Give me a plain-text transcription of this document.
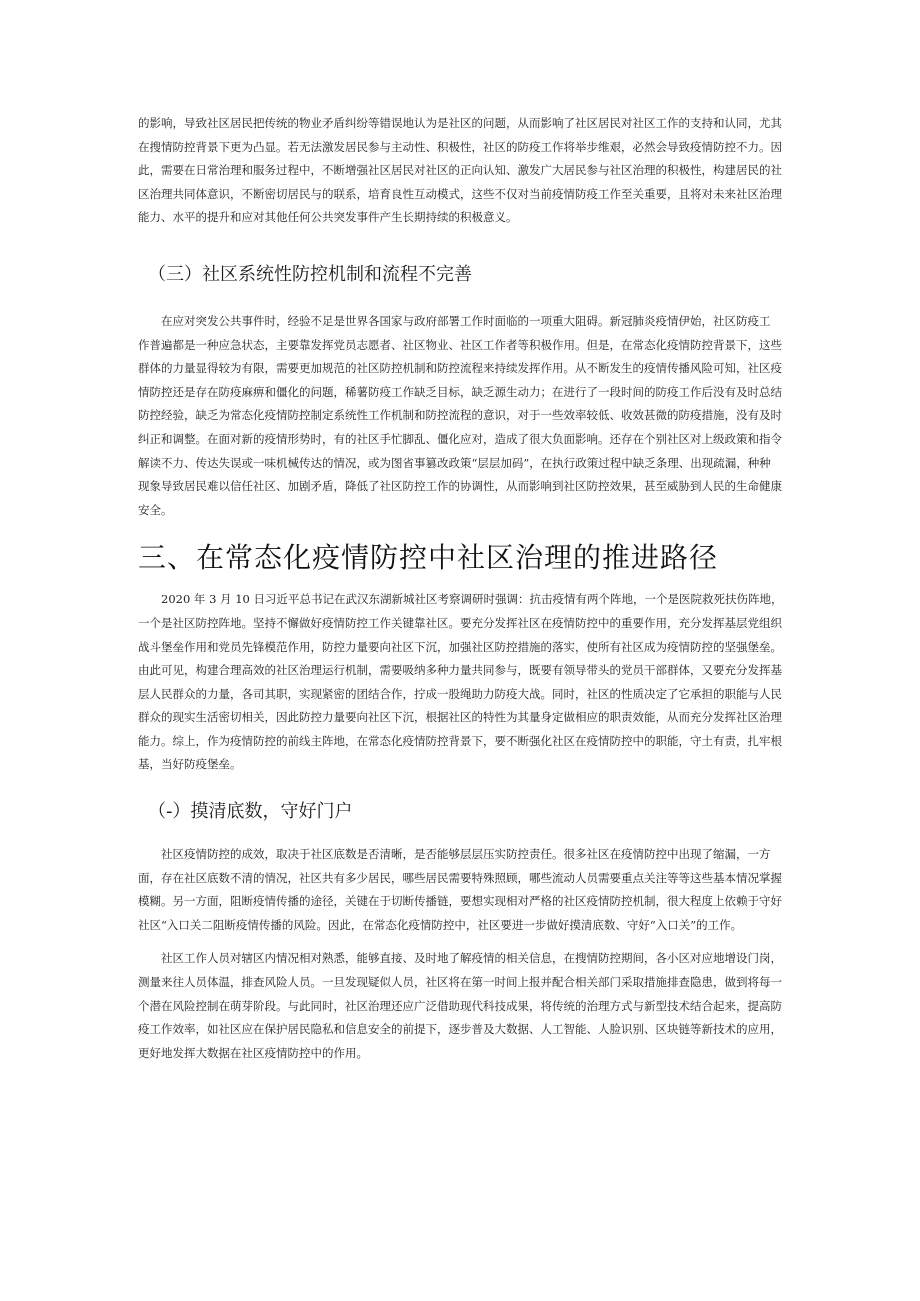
的影响，导致社区居民把传统的物业矛盾纠纷等错误地认为是社区的问题，从而影响了社区居民对社区工作的支持和认同，尤其
在搜情防控背景下更为凸显。若无法激发居民参与主动性、积极性，社区的防疫工作将举步维艰，必然会导致疫情防控不力。因
此，需要在日常治理和服务过程中，不断增强社区居民对社区的正向认知、激发广大居民参与社区治理的积极性，构建居民的社
区治理共同体意识，不断密切居民与的联系，培育良性互动模式，这些不仅对当前疫情防疫工作至关重要，且将对未来社区治理
能力、水平的提升和应对其他任何公共突发事件产生长期持续的积极意义。
（三）社区系统性防控机制和流程不完善
　　在应对突发公共事件时，经验不足是世界各国家与政府部署工作时面临的一项重大阻碍。新冠肺炎疫情伊始，社区防疫工
作普遍都是一种应急状态，主要靠发挥党员志愿者、社区物业、社区工作者等积极作用。但是，在常态化疫情防控背景下，这些
群体的力量显得较为有限，需要更加规范的社区防控机制和防控流程来持续发挥作用。从不断发生的疫情传播风险可知，社区疫
情防控还是存在防疫麻痹和僵化的问题，稀薯防疫工作缺乏目标，缺乏源生动力；在进行了一段时间的防疫工作后没有及时总结
防控经验，缺乏为常态化疫情防控制定系统性工作机制和防控流程的意识，对于一些效率较低、收效甚微的防疫措施，没有及时
纠正和调整。在面对新的疫情形势时，有的社区手忙脚乱、僵化应对，造成了很大负面影响。还存在个别社区对上级政策和指令
解读不力、传达失误或一味机械传达的情况，或为图省事篡改政策“层层加码”，在执行政策过程中缺乏条理、出现疏漏，种种
现象导致居民难以信任社区、加剧矛盾，降低了社区防控工作的协调性，从而影响到社区防控效果，甚至威胁到人民的生命健康
安全。
三、在常态化疫情防控中社区治理的推进路径
　　2020 年 3 月 10 日习近平总书记在武汉东湖新城社区考察调研时强调：抗击疫情有两个阵地，一个是医院救死扶伤阵地，
一个是社区防控阵地。坚持不懈做好疫情防控工作关键靠社区。要充分发挥社区在疫情防控中的重要作用，充分发挥基层党组织
战斗堡垒作用和党员先锋模范作用，防控力量要向社区下沉，加强社区防控措施的落实，使所有社区成为疫情防控的坚强堡垒。
由此可见，构建合理高效的社区治理运行机制，需要吸纳多种力量共同参与，既要有领导带头的党员干部群体，又要充分发挥基
层人民群众的力量，各司其职，实现紧密的团结合作，拧成一股绳助力防疫大战。同时，社区的性质决定了它承担的职能与人民
群众的现实生活密切相关，因此防控力量要向社区下沉，根据社区的特性为其量身定做相应的职责效能，从而充分发挥社区治理
能力。综上，作为疫情防控的前线主阵地，在常态化疫情防控背景下，要不断强化社区在疫情防控中的职能，守土有责，扎牢根
基，当好防疫堡垒。
（-）摸清底数，守好门户
　　社区疫情防控的成效，取决于社区底数是否清晰，是否能够层层压实防控责任。很多社区在疫情防控中出现了缩漏，一方
面，存在社区底数不清的情况，社区共有多少居民，哪些居民需要特殊照顾，哪些流动人员需要重点关注等等这些基本情况掌握
模糊。另一方面，阻断疫情传播的途径，关键在于切断传播链，要想实现相对严格的社区疫情防控机制，很大程度上依赖于守好
社区“入口关二阻断疫情传播的风险。因此，在常态化疫情防控中，社区要进一步做好摸清底数、守好“入口关”的工作。
　　社区工作人员对辖区内情况相对熟悉，能够直接、及时地了解疫情的相关信息，在搜情防控期间，各小区对应地增设门岗，
测量来往人员体温，排查风险人员。一旦发现疑似人员，社区将在第一时间上报并配合相关部门采取措施排查隐患，做到将每一
个潜在风险控制在萌芽阶段。与此同时，社区治理还应广泛借助现代科技成果，将传统的治理方式与新型技术结合起来，提高防
疫工作效率，如社区应在保护居民隐私和信息安全的前提下，逐步普及大数据、人工智能、人脸识别、区块链等新技术的应用，
更好地发挥大数据在社区疫情防控中的作用。
